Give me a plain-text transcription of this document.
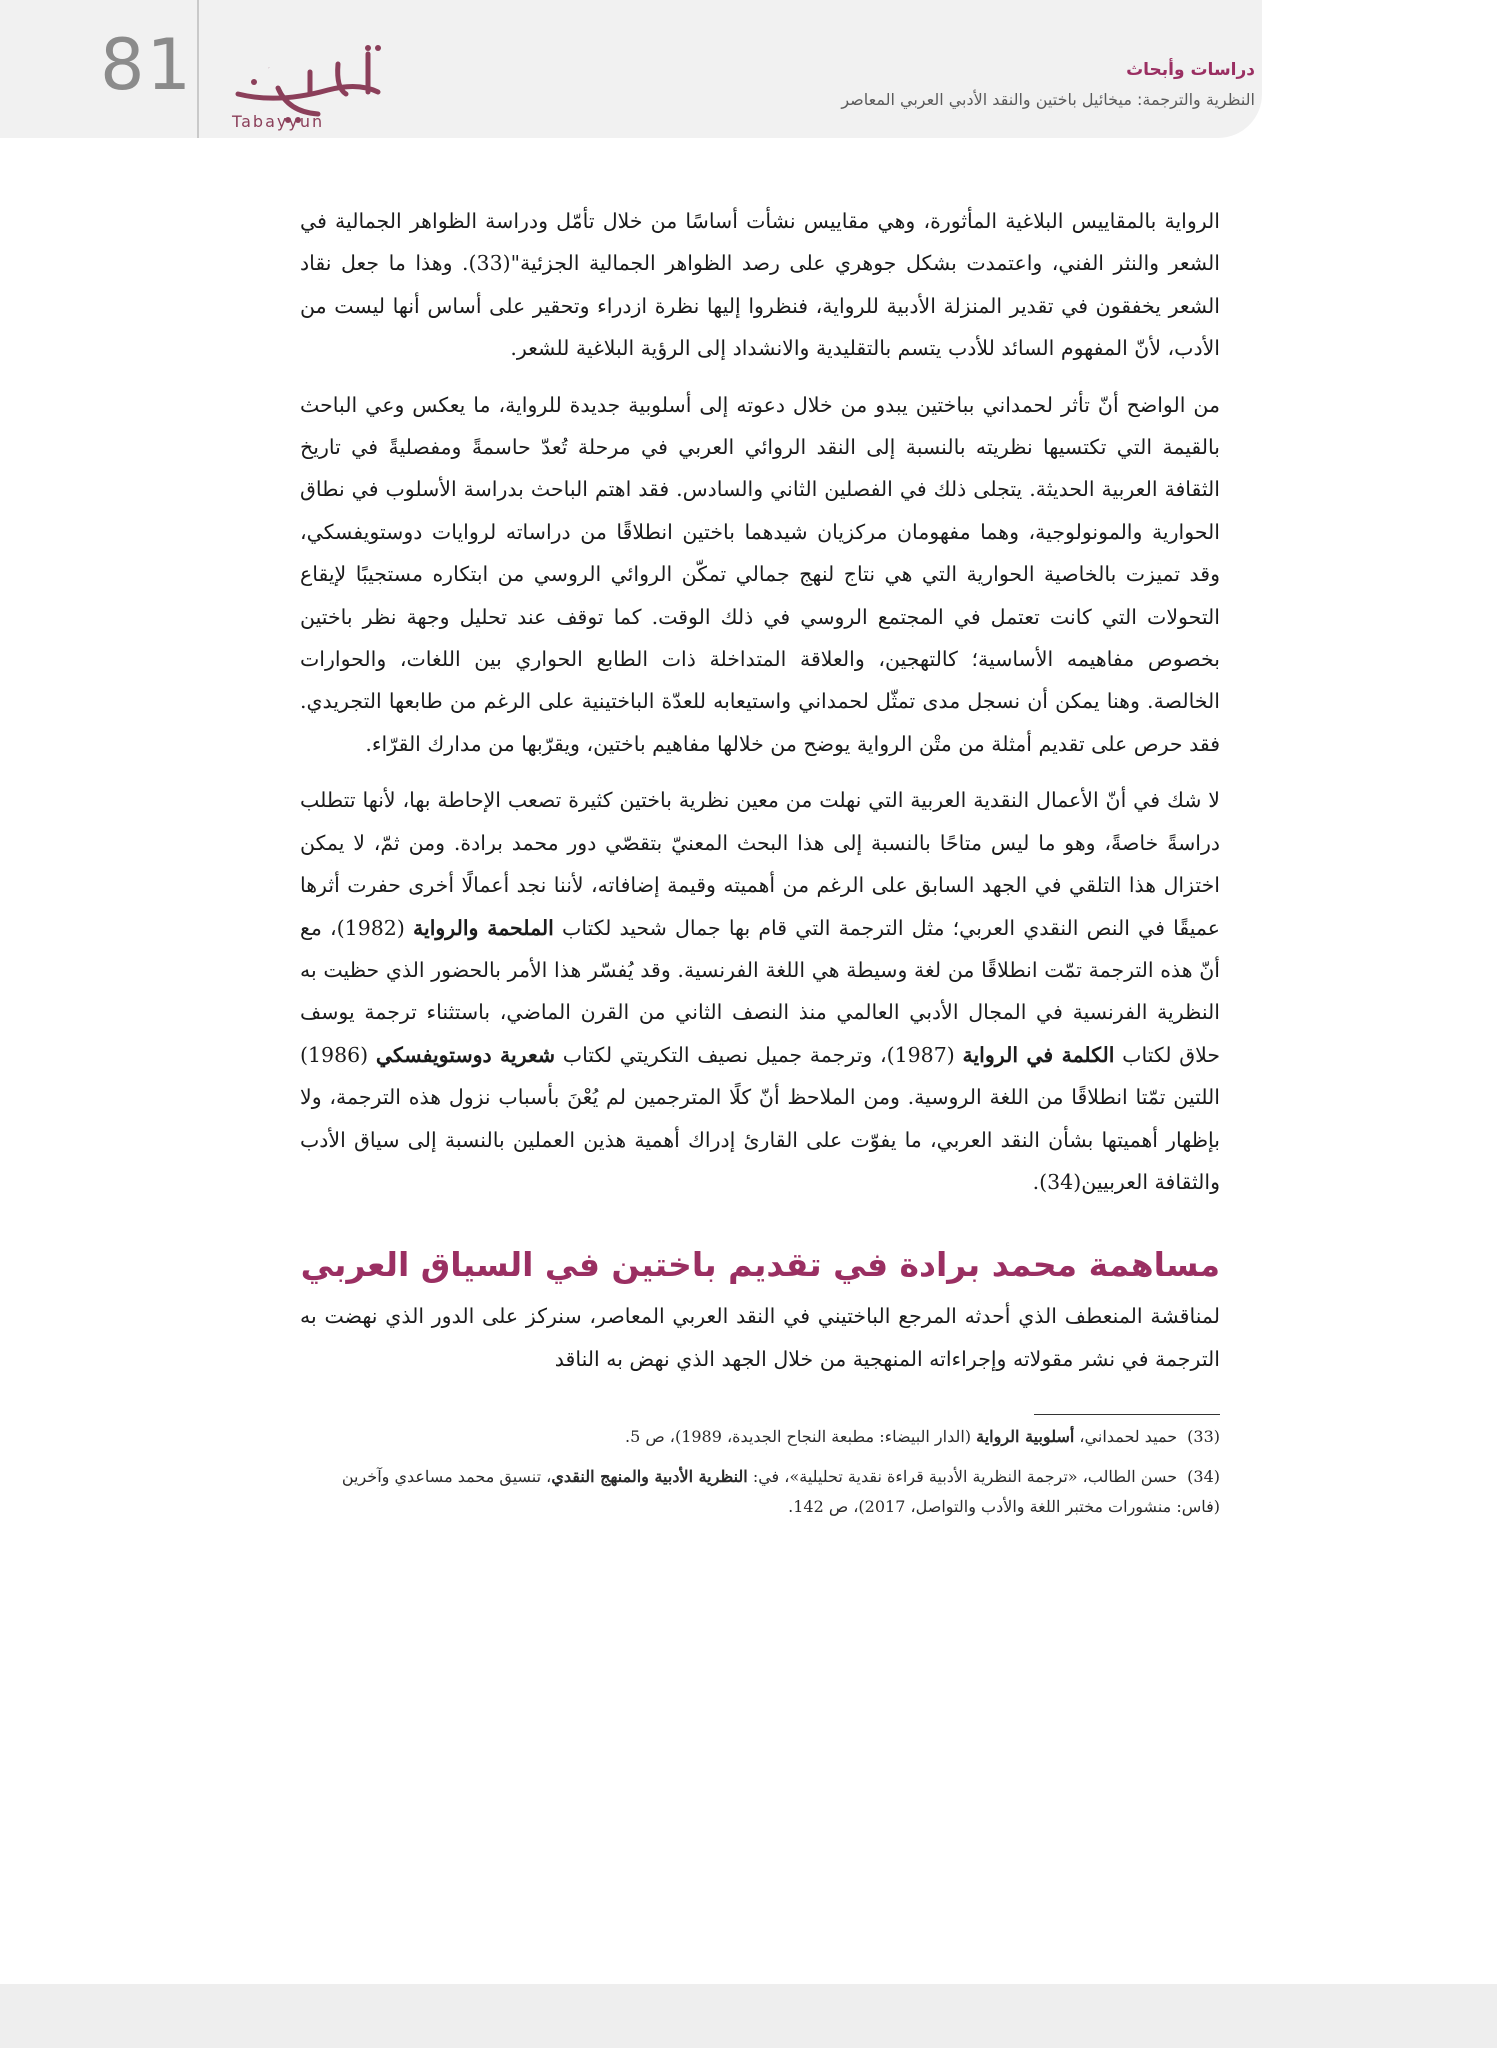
81	تبيّن
Tabayyun
دراسات وأبحاث
النظرية والترجمة: ميخائيل باختين والنقد الأدبي العربي المعاصر

الرواية بالمقاييس البلاغية المأثورة، وهي مقاييس نشأت أساسًا من خلال تأمّل ودراسة الظواهر الجمالية في الشعر والنثر الفني، واعتمدت بشكل جوهري على رصد الظواهر الجمالية الجزئية"(33). وهذا ما جعل نقاد الشعر يخفقون في تقدير المنزلة الأدبية للرواية، فنظروا إليها نظرة ازدراء وتحقير على أساس أنها ليست من الأدب، لأنّ المفهوم السائد للأدب يتسم بالتقليدية والانشداد إلى الرؤية البلاغية للشعر.

من الواضح أنّ تأثر لحمداني بباختين يبدو من خلال دعوته إلى أسلوبية جديدة للرواية، ما يعكس وعي الباحث بالقيمة التي تكتسيها نظريته بالنسبة إلى النقد الروائي العربي في مرحلة تُعدّ حاسمةً ومفصليةً في تاريخ الثقافة العربية الحديثة. يتجلى ذلك في الفصلين الثاني والسادس. فقد اهتم الباحث بدراسة الأسلوب في نطاق الحوارية والمونولوجية، وهما مفهومان مركزيان شيدهما باختين انطلاقًا من دراساته لروايات دوستويفسكي، وقد تميزت بالخاصية الحوارية التي هي نتاج لنهج جمالي تمكّن الروائي الروسي من ابتكاره مستجيبًا لإيقاع التحولات التي كانت تعتمل في المجتمع الروسي في ذلك الوقت. كما توقف عند تحليل وجهة نظر باختين بخصوص مفاهيمه الأساسية؛ كالتهجين، والعلاقة المتداخلة ذات الطابع الحواري بين اللغات، والحوارات الخالصة. وهنا يمكن أن نسجل مدى تمثّل لحمداني واستيعابه للعدّة الباختينية على الرغم من طابعها التجريدي. فقد حرص على تقديم أمثلة من متْن الرواية يوضح من خلالها مفاهيم باختين، ويقرّبها من مدارك القرّاء.

لا شك في أنّ الأعمال النقدية العربية التي نهلت من معين نظرية باختين كثيرة تصعب الإحاطة بها، لأنها تتطلب دراسةً خاصةً، وهو ما ليس متاحًا بالنسبة إلى هذا البحث المعنيّ بتقصّي دور محمد برادة. ومن ثمّ، لا يمكن اختزال هذا التلقي في الجهد السابق على الرغم من أهميته وقيمة إضافاته، لأننا نجد أعمالًا أخرى حفرت أثرها عميقًا في النص النقدي العربي؛ مثل الترجمة التي قام بها جمال شحيد لكتاب الملحمة والرواية (1982)، مع أنّ هذه الترجمة تمّت انطلاقًا من لغة وسيطة هي اللغة الفرنسية. وقد يُفسّر هذا الأمر بالحضور الذي حظيت به النظرية الفرنسية في المجال الأدبي العالمي منذ النصف الثاني من القرن الماضي، باستثناء ترجمة يوسف حلاق لكتاب الكلمة في الرواية (1987)، وترجمة جميل نصيف التكريتي لكتاب شعرية دوستويفسكي (1986) اللتين تمّتا انطلاقًا من اللغة الروسية. ومن الملاحظ أنّ كلًا المترجمين لم يُعْنَ بأسباب نزول هذه الترجمة، ولا بإظهار أهميتها بشأن النقد العربي، ما يفوّت على القارئ إدراك أهمية هذين العملين بالنسبة إلى سياق الأدب والثقافة العربيين(34).

مساهمة محمد برادة في تقديم باختين في السياق العربي

لمناقشة المنعطف الذي أحدثه المرجع الباختيني في النقد العربي المعاصر، سنركز على الدور الذي نهضت به الترجمة في نشر مقولاته وإجراءاته المنهجية من خلال الجهد الذي نهض به الناقد

(33)حميد لحمداني، أسلوبية الرواية (الدار البيضاء: مطبعة النجاح الجديدة، 1989)، ص 5.

(34)حسن الطالب، «ترجمة النظرية الأدبية قراءة نقدية تحليلية»، في: النظرية الأدبية والمنهج النقدي، تنسيق محمد مساعدي وآخرين (فاس: منشورات مختبر اللغة والأدب والتواصل، 2017)، ص 142.
